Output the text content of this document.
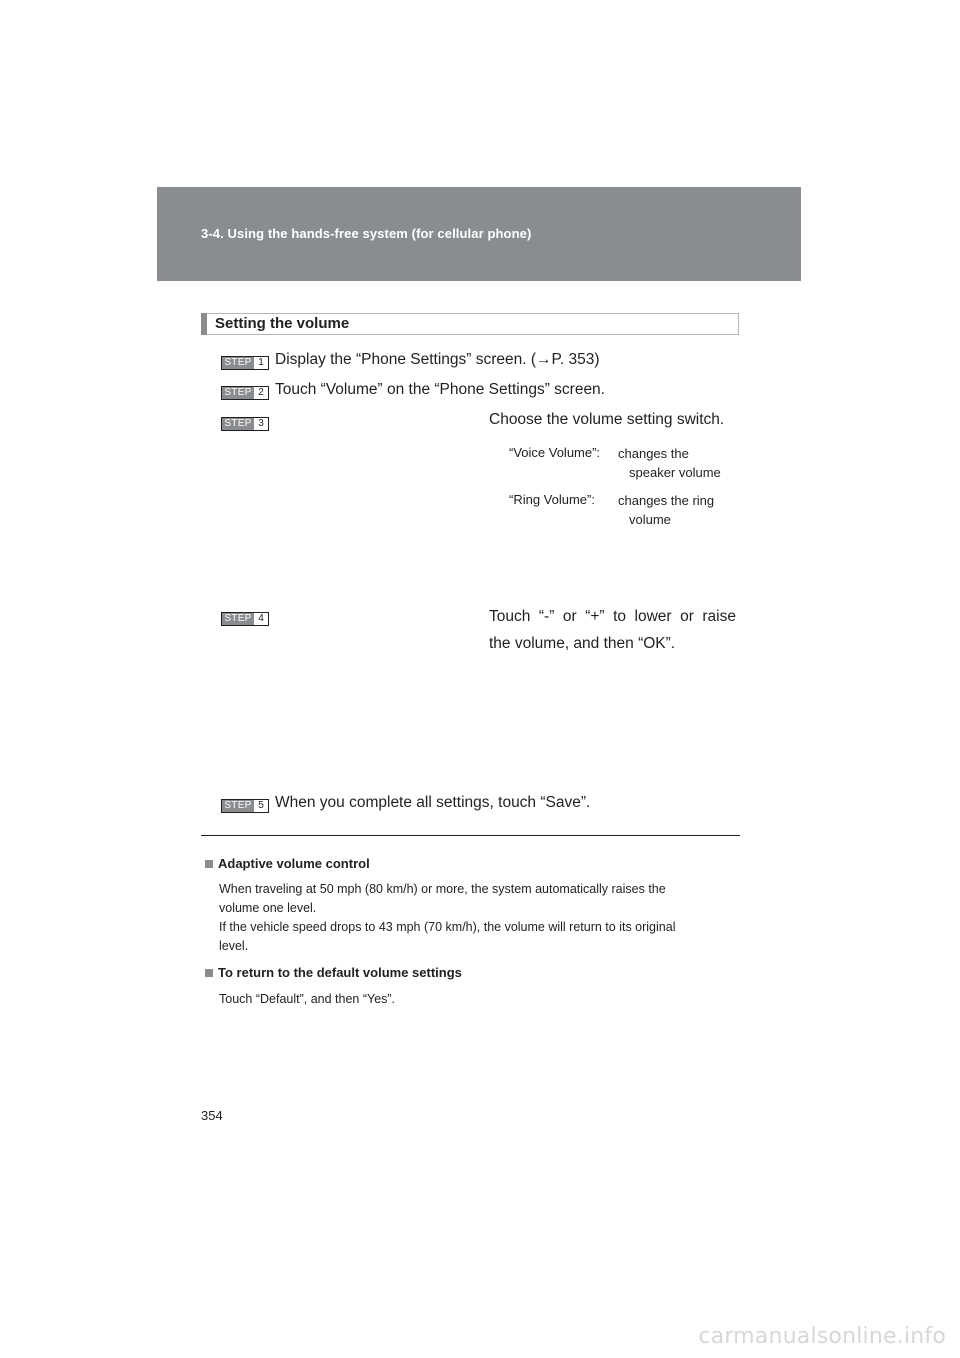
3-4. Using the hands-free system (for cellular phone)
Setting the volume
STEP 1 Display the “Phone Settings” screen. (→P. 353)
STEP 2 Touch “Volume” on the “Phone Settings” screen.
STEP 3	Choose the volume setting switch.
“Voice Volume”: changes the
speaker volume
“Ring Volume”: changes the ring
volume
STEP 4	Touch “-” or “+” to lower or raise
the volume, and then “OK”.
STEP 5 When you complete all settings, touch “Save”.
Adaptive volume control
When traveling at 50 mph (80 km/h) or more, the system automatically raises the
volume one level.
If the vehicle speed drops to 43 mph (70 km/h), the volume will return to its original
level.
To return to the default volume settings
Touch “Default”, and then “Yes”.
354
carmanualsonline.info
